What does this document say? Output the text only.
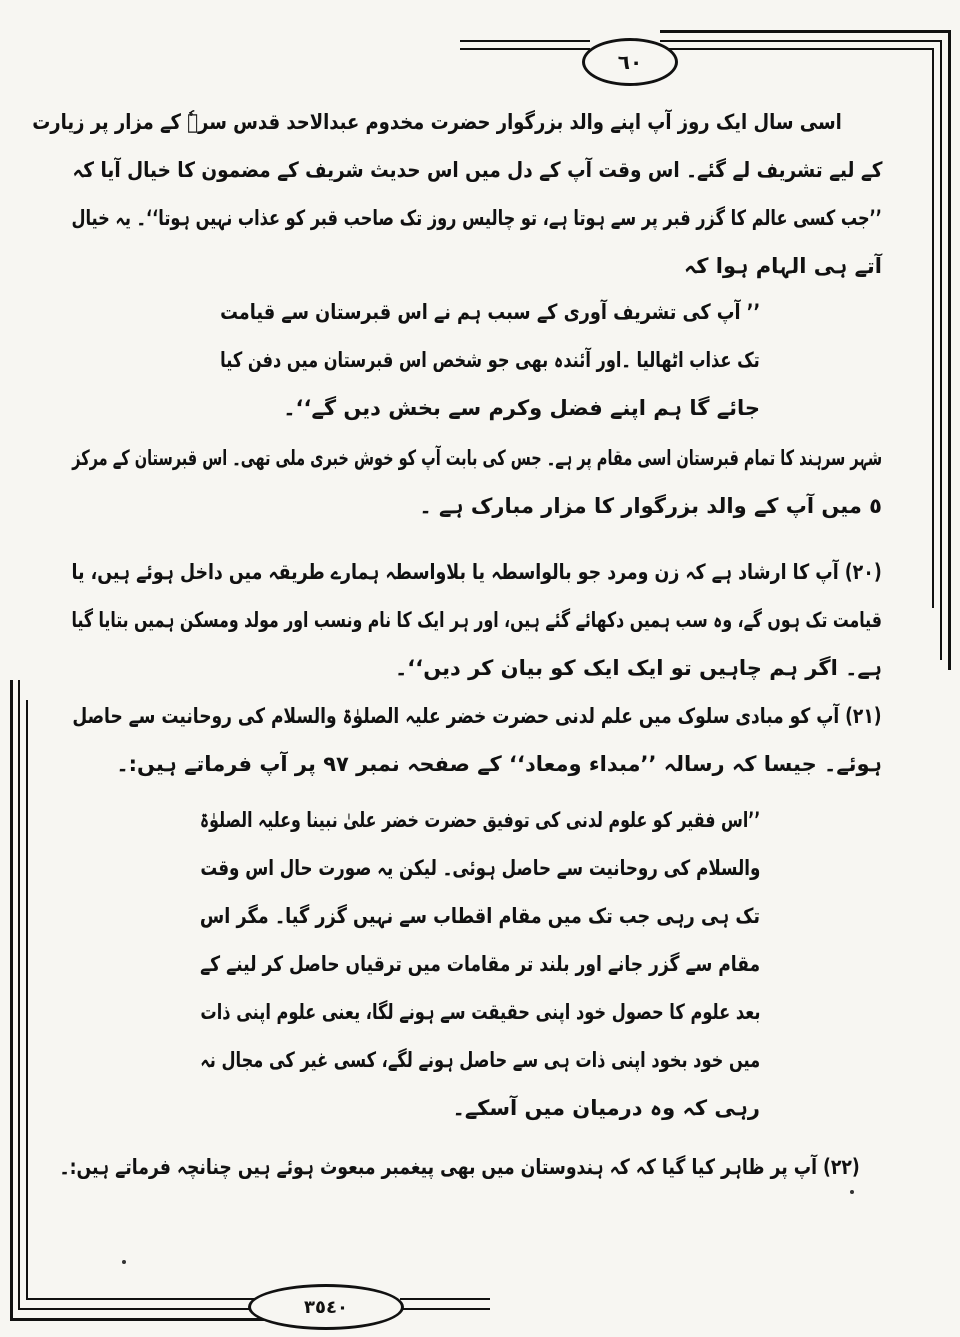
٦٠
٣٥٤٠
اسی سال ایک روز آپ اپنے والد بزرگوار حضرت مخدوم عبدالاحد قدس سرہٗ کے مزار پر زیارت
کے لیے تشریف لے گئے۔ اس وقت آپ کے دل میں اس حدیث شریف کے مضمون کا خیال آیا کہ
’’جب کسی عالم کا گزر قبر پر سے ہوتا ہے، تو چالیس روز تک صاحب قبر کو عذاب نہیں ہوتا‘‘۔ یہ خیال
آتے ہی الہام ہوا کہ
’’ آپ کی تشریف آوری کے سبب ہم نے اس قبرستان سے قیامت
تک عذاب اٹھالیا ۔اور آئندہ بھی جو شخص اس قبرستان میں دفن کیا
جائے گا ہم اپنے فضل وکرم سے بخش دیں گے‘‘۔
شہر سرہند کا تمام قبرستان اسی مقام پر ہے۔ جس کی بابت آپ کو خوش خبری ملی تھی۔ اس قبرستان کے مرکز
٥ میں آپ کے والد بزرگوار کا مزار مبارک ہے ۔
(٢٠) آپ کا ارشاد ہے کہ زن ومرد جو بالواسطہ یا بلاواسطہ ہمارے طریقہ میں داخل ہوئے ہیں، یا
قیامت تک ہوں گے، وہ سب ہمیں دکھائے گئے ہیں، اور ہر ایک کا نام ونسب اور مولد ومسکن ہمیں بتایا گیا
ہے۔ اگر ہم چاہیں تو ایک ایک کو بیان کر دیں‘‘۔
(٢١) آپ کو مبادی سلوک میں علم لدنی حضرت خضر علیہ الصلوٰۃ والسلام کی روحانیت سے حاصل
ہوئے۔ جیسا کہ رسالہ ’’مبداء ومعاد‘‘ کے صفحہ نمبر ٩٧ پر آپ فرماتے ہیں:۔
’’اس فقیر کو علوم لدنی کی توفیق حضرت خضر علیٰ نبینا وعلیہ الصلوٰۃ
والسلام کی روحانیت سے حاصل ہوئی۔ لیکن یہ صورت حال اس وقت
تک ہی رہی جب تک میں مقام اقطاب سے نہیں گزر گیا۔ مگر اس
مقام سے گزر جانے اور بلند تر مقامات میں ترقیاں حاصل کر لینے کے
بعد علوم کا حصول خود اپنی حقیقت سے ہونے لگا، یعنی علوم اپنی ذات
میں خود بخود اپنی ذات ہی سے حاصل ہونے لگے، کسی غیر کی مجال نہ
رہی کہ وہ درمیان میں آسکے۔
(٢٢) آپ پر ظاہر کیا گیا کہ کہ ہندوستان میں بھی پیغمبر مبعوث ہوئے ہیں چنانچہ فرماتے ہیں:۔
